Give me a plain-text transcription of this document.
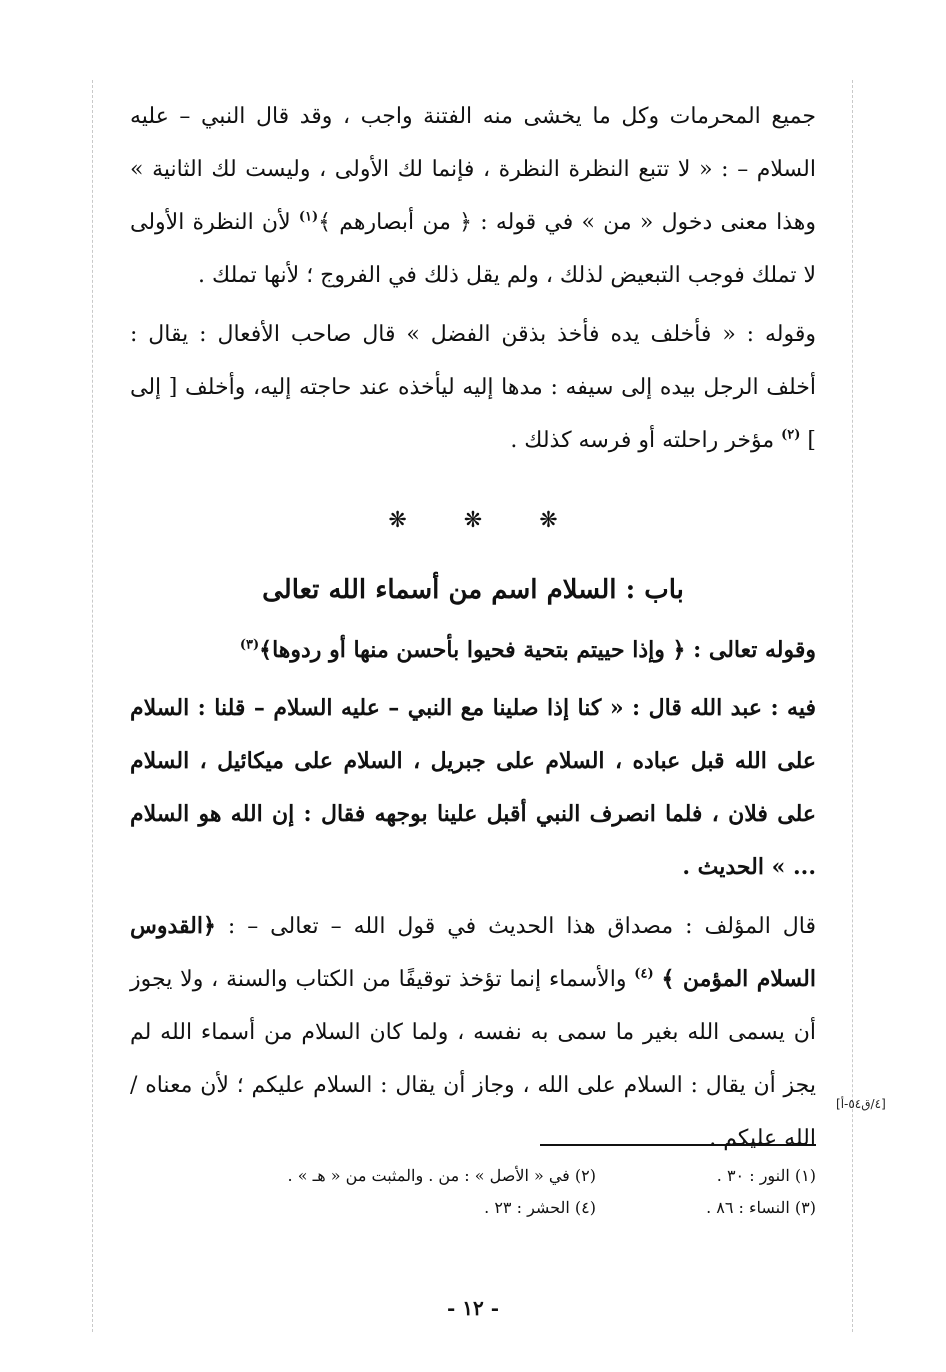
جميع المحرمات وكل ما يخشى منه الفتنة واجب ، وقد قال النبي – عليه السلام – : « لا تتبع النظرة النظرة ، فإنما لك الأولى ، وليست لك الثانية » وهذا معنى دخول « من » في قوله : ﴿ من أبصارهم ﴾$^{(١)}$ لأن النظرة الأولى لا تملك فوجب التبعيض لذلك ، ولم يقل ذلك في الفروج ؛ لأنها تملك .

وقوله : « فأخلف يده فأخذ بذقن الفضل » قال صاحب الأفعال : يقال : أخلف الرجل بيده إلى سيفه : مدها إليه ليأخذه عند حاجته إليه، وأخلف [ إلى ] $^{(٢)}$ مؤخر راحلته أو فرسه كذلك .

❋ ❋ ❋
باب : السلام اسم من أسماء الله تعالى
وقوله تعالى : ﴿ وإذا حييتم بتحية فحيوا بأحسن منها أو ردوها﴾$^{(٣)}$

فيه : عبد الله قال : « كنا إذا صلينا مع النبي – عليه السلام – قلنا : السلام على الله قبل عباده ، السلام على جبريل ، السلام على ميكائيل ، السلام على فلان ، فلما انصرف النبي أقبل علينا بوجهه فقال : إن الله هو السلام ... » الحديث .

قال المؤلف : مصداق هذا الحديث في قول الله – تعالى – : ﴿القدوس السلام المؤمن ﴾ $^{(٤)}$ والأسماء إنما تؤخذ توقيفًا من الكتاب والسنة ، ولا يجوز أن يسمى الله بغير ما سمى به نفسه ، ولما كان السلام من أسماء الله لم يجز أن يقال : السلام على الله ، وجاز أن يقال : السلام عليكم ؛ لأن معناه / الله عليكم .

[٤/ق٥٤-أ]
(١) النور : ٣٠ .
(٢) في « الأصل » : من . والمثبت من « هـ » .
(٣) النساء : ٨٦ .
(٤) الحشر : ٢٣ .
- ١٢ -
